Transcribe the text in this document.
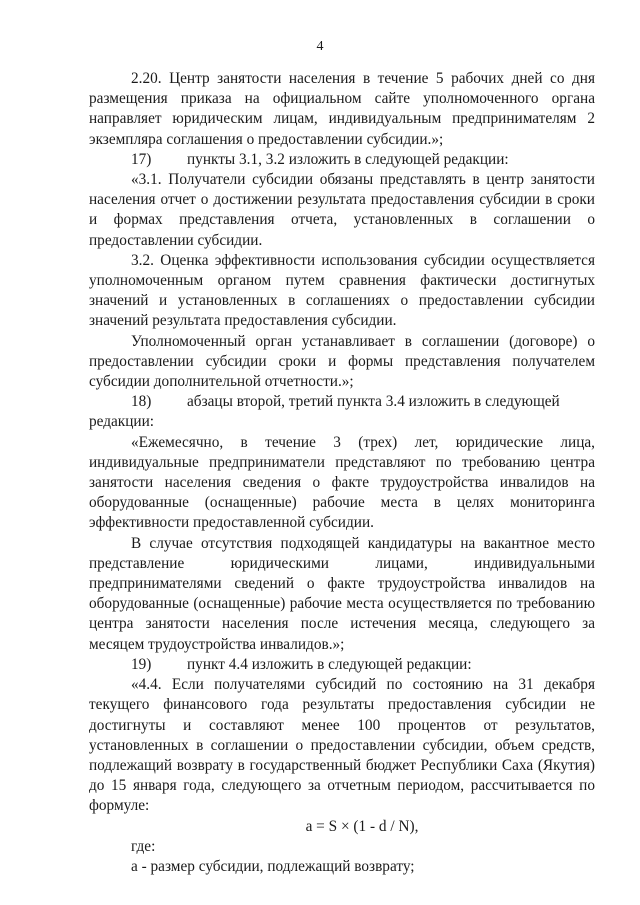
4
2.20. Центр занятости населения в течение 5 рабочих дней со дня размещения приказа на официальном сайте уполномоченного органа направляет юридическим лицам, индивидуальным предпринимателям 2 экземпляра соглашения о предоставлении субсидии.»;
17) пункты 3.1, 3.2 изложить в следующей редакции:
«3.1. Получатели субсидии обязаны представлять в центр занятости населения отчет о достижении результата предоставления субсидии в сроки и формах представления отчета, установленных в соглашении о предоставлении субсидии.
3.2. Оценка эффективности использования субсидии осуществляется уполномоченным органом путем сравнения фактически достигнутых значений и установленных в соглашениях о предоставлении субсидии значений результата предоставления субсидии.
Уполномоченный орган устанавливает в соглашении (договоре) о предоставлении субсидии сроки и формы представления получателем субсидии дополнительной отчетности.»;
18) абзацы второй, третий пункта 3.4 изложить в следующей редакции:
«Ежемесячно, в течение 3 (трех) лет, юридические лица, индивидуальные предприниматели представляют по требованию центра занятости населения сведения о факте трудоустройства инвалидов на оборудованные (оснащенные) рабочие места в целях мониторинга эффективности предоставленной субсидии.
В случае отсутствия подходящей кандидатуры на вакантное место представление юридическими лицами, индивидуальными предпринимателями сведений о факте трудоустройства инвалидов на оборудованные (оснащенные) рабочие места осуществляется по требованию центра занятости населения после истечения месяца, следующего за месяцем трудоустройства инвалидов.»;
19) пункт 4.4 изложить в следующей редакции:
«4.4. Если получателями субсидий по состоянию на 31 декабря текущего финансового года результаты предоставления субсидии не достигнуты и составляют менее 100 процентов от результатов, установленных в соглашении о предоставлении субсидии, объем средств, подлежащий возврату в государственный бюджет Республики Саха (Якутия) до 15 января года, следующего за отчетным периодом, рассчитывается по формуле:
a = S × (1 - d / N),
где:
a - размер субсидии, подлежащий возврату;
